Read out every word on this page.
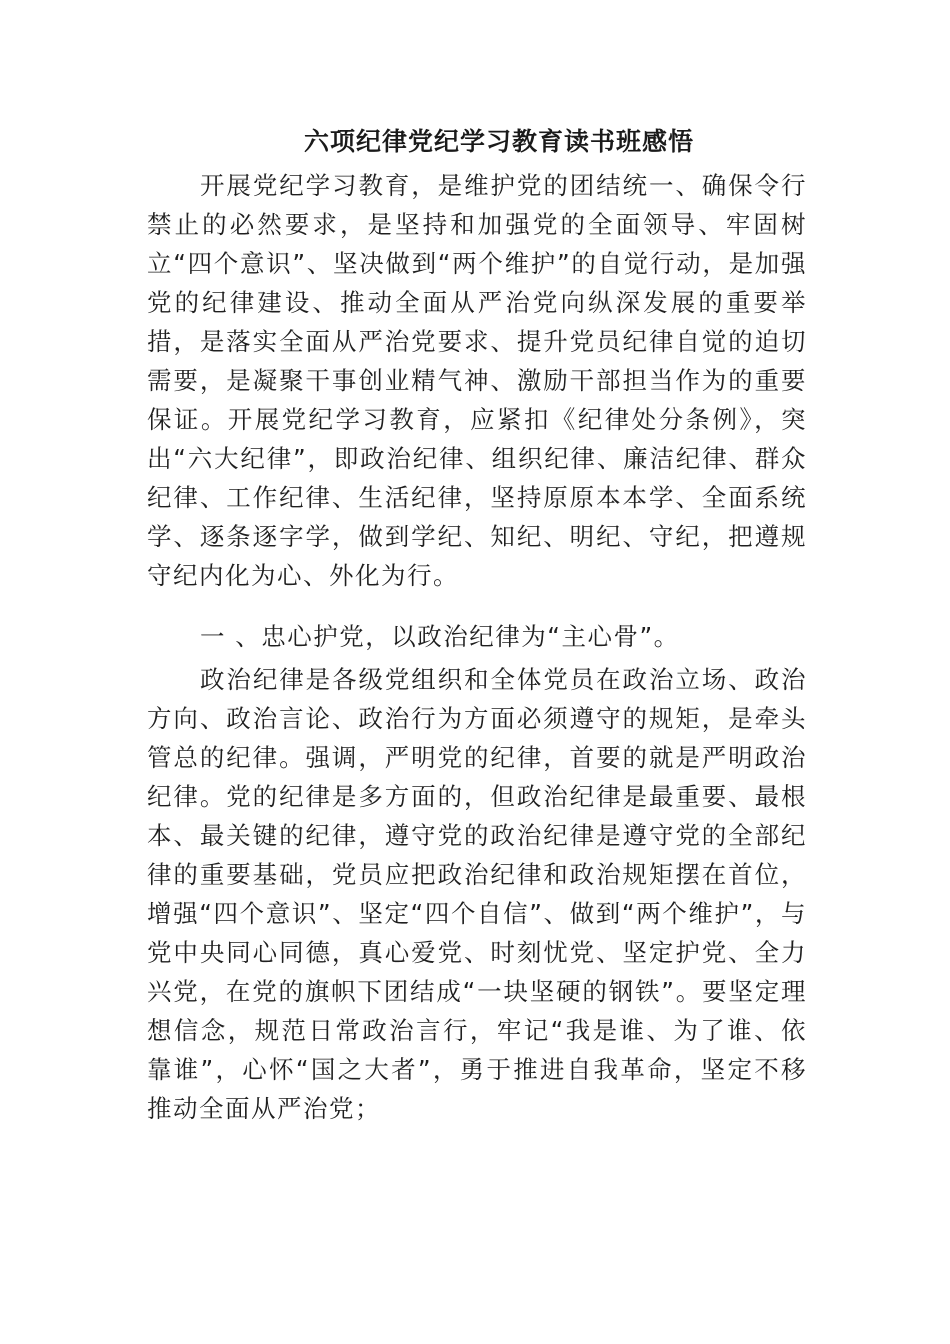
六项纪律党纪学习教育读书班感悟

开展党纪学习教育，是维护党的团结统一、确保令行禁止的必然要求，是坚持和加强党的全面领导、牢固树立“四个意识”、坚决做到“两个维护”的自觉行动，是加强党的纪律建设、推动全面从严治党向纵深发展的重要举措，是落实全面从严治党要求、提升党员纪律自觉的迫切需要，是凝聚干事创业精气神、激励干部担当作为的重要保证。开展党纪学习教育，应紧扣《纪律处分条例》，突出“六大纪律”，即政治纪律、组织纪律、廉洁纪律、群众纪律、工作纪律、生活纪律，坚持原原本本学、全面系统学、逐条逐字学，做到学纪、知纪、明纪、守纪，把遵规守纪内化为心、外化为行。

一 、忠心护党，以政治纪律为“主心骨”。

政治纪律是各级党组织和全体党员在政治立场、政治方向、政治言论、政治行为方面必须遵守的规矩，是牵头管总的纪律。强调，严明党的纪律，首要的就是严明政治纪律。党的纪律是多方面的，但政治纪律是最重要、最根本、最关键的纪律，遵守党的政治纪律是遵守党的全部纪律的重要基础，党员应把政治纪律和政治规矩摆在首位，增强“四个意识”、坚定“四个自信”、做到“两个维护”，与党中央同心同德，真心爱党、时刻忧党、坚定护党、全力兴党，在党的旗帜下团结成“一块坚硬的钢铁”。要坚定理想信念，规范日常政治言行，牢记“我是谁、为了谁、依靠谁”，心怀“国之大者”，勇于推进自我革命，坚定不移推动全面从严治党；
